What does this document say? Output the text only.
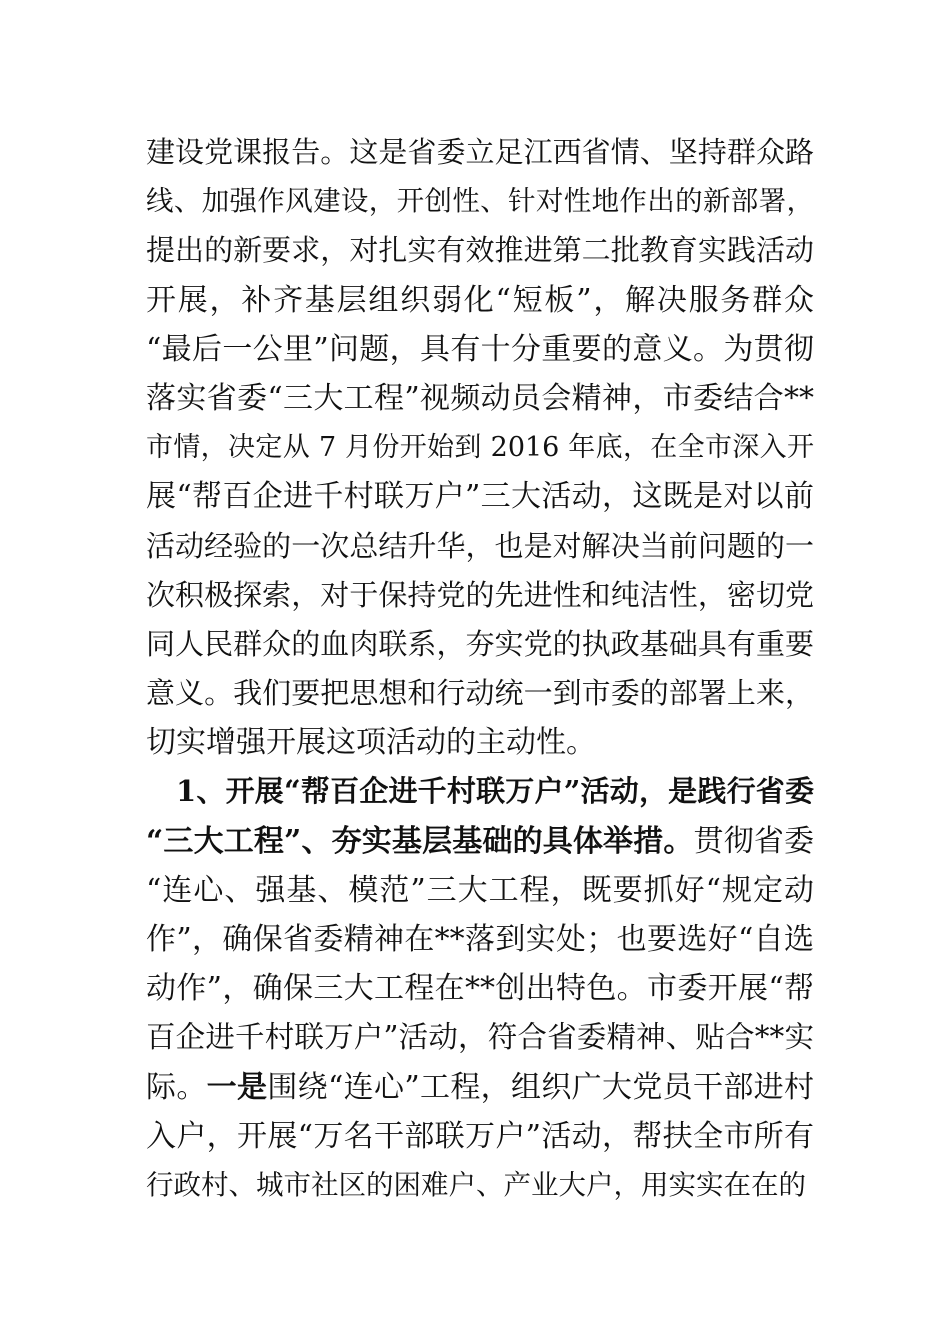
建设党课报告。这是省委立足江西省情、坚持群众路
线、加强作风建设，开创性、针对性地作出的新部署，
提出的新要求，对扎实有效推进第二批教育实践活动
开展，补齐基层组织弱化“短板”，解决服务群众
“最后一公里”问题，具有十分重要的意义。为贯彻
落实省委“三大工程”视频动员会精神，市委结合**
市情，决定从 7 月份开始到 2016 年底，在全市深入开
展“帮百企进千村联万户”三大活动，这既是对以前
活动经验的一次总结升华，也是对解决当前问题的一
次积极探索，对于保持党的先进性和纯洁性，密切党
同人民群众的血肉联系，夯实党的执政基础具有重要
意义。我们要把思想和行动统一到市委的部署上来，
切实增强开展这项活动的主动性。
1、开展“帮百企进千村联万户”活动，是践行省委
“三大工程”、夯实基层基础的具体举措。贯彻省委
“连心、强基、模范”三大工程，既要抓好“规定动
作”，确保省委精神在**落到实处；也要选好“自选
动作”，确保三大工程在**创出特色。市委开展“帮
百企进千村联万户”活动，符合省委精神、贴合**实
际。一是围绕“连心”工程，组织广大党员干部进村
入户，开展“万名干部联万户”活动，帮扶全市所有
行政村、城市社区的困难户、产业大户，用实实在在的
